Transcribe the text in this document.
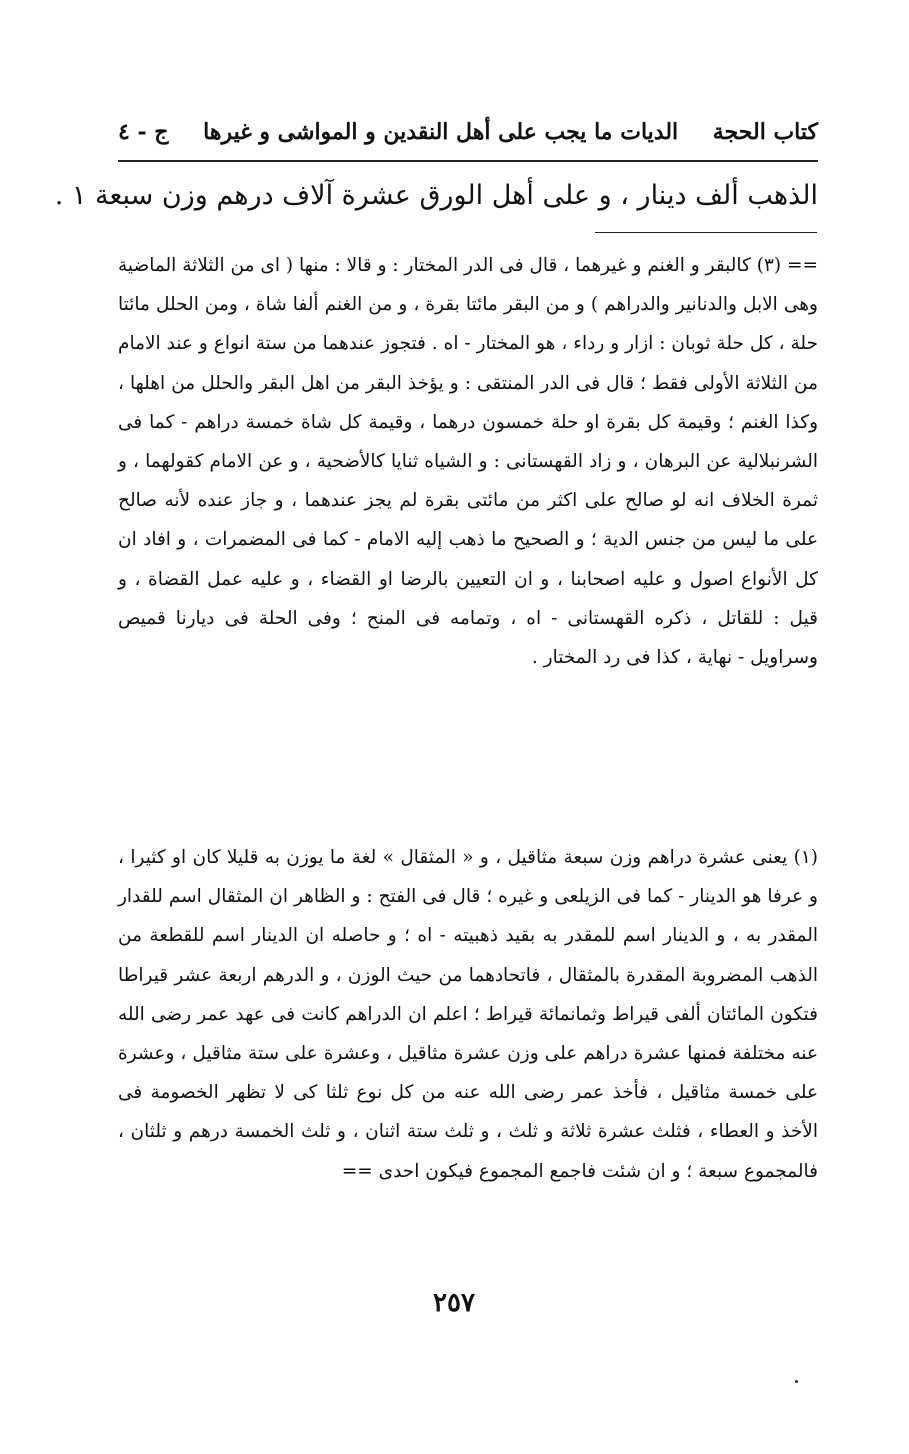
كتاب الحجة
الديات ما يجب على أهل النقدين و المواشى و غيرها
ج - ٤
الذهب ألف دينار ، و على أهل الورق عشرة آلاف درهم وزن سبعة ١ .

== (٣) كالبقر و الغنم و غيرهما ، قال فى الدر المختار : و قالا : منها ( اى من الثلاثة الماضية وهى الابل والدنانير والدراهم ) و من البقر مائتا بقرة ، و من الغنم ألفا شاة ، ومن الحلل مائتا حلة ، كل حلة ثوبان : ازار و رداء ، هو المختار - اه . فتجوز عندهما من ستة انواع و عند الامام من الثلاثة الأولى فقط ؛ قال فى الدر المنتقى : و يؤخذ البقر من اهل البقر والحلل من اهلها ، وكذا الغنم ؛ وقيمة كل بقرة او حلة خمسون درهما ، وقيمة كل شاة خمسة دراهم - كما فى الشرنبلالية عن البرهان ، و زاد القهستانى : و الشياه ثنايا كالأضحية ، و عن الامام كقولهما ، و ثمرة الخلاف انه لو صالح على اكثر من مائتى بقرة لم يجز عندهما ، و جاز عنده لأنه صالح على ما ليس من جنس الدية ؛ و الصحيح ما ذهب إليه الامام - كما فى المضمرات ، و افاد ان كل الأنواع اصول و عليه اصحابنا ، و ان التعيين بالرضا او القضاء ، و عليه عمل القضاة ، و قيل : للقاتل ، ذكره القهستانى - اه ، وتمامه فى المنح ؛ وفى الحلة فى ديارنا قميص وسراويل - نهاية ، كذا فى رد المختار .

(١) يعنى عشرة دراهم وزن سبعة مثاقيل ، و « المثقال » لغة ما يوزن به قليلا كان او كثيرا ، و عرفا هو الدينار - كما فى الزيلعى و غيره ؛ قال فى الفتح : و الظاهر ان المثقال اسم للقدار المقدر به ، و الدينار اسم للمقدر به بقيد ذهبيته - اه ؛ و حاصله ان الدينار اسم للقطعة من الذهب المضروبة المقدرة بالمثقال ، فاتحادهما من حيث الوزن ، و الدرهم اربعة عشر قيراطا فتكون المائتان ألفى قيراط وثمانمائة قيراط ؛ اعلم ان الدراهم كانت فى عهد عمر رضى الله عنه مختلفة فمنها عشرة دراهم على وزن عشرة مثاقيل ، وعشرة على ستة مثاقيل ، وعشرة على خمسة مثاقيل ، فأخذ عمر رضى الله عنه من كل نوع ثلثا كى لا تظهر الخصومة فى الأخذ و العطاء ، فثلث عشرة ثلاثة و ثلث ، و ثلث ستة اثنان ، و ثلث الخمسة درهم و ثلثان ، فالمجموع سبعة ؛ و ان شئت فاجمع المجموع فيكون احدى ==

٢٥٧
